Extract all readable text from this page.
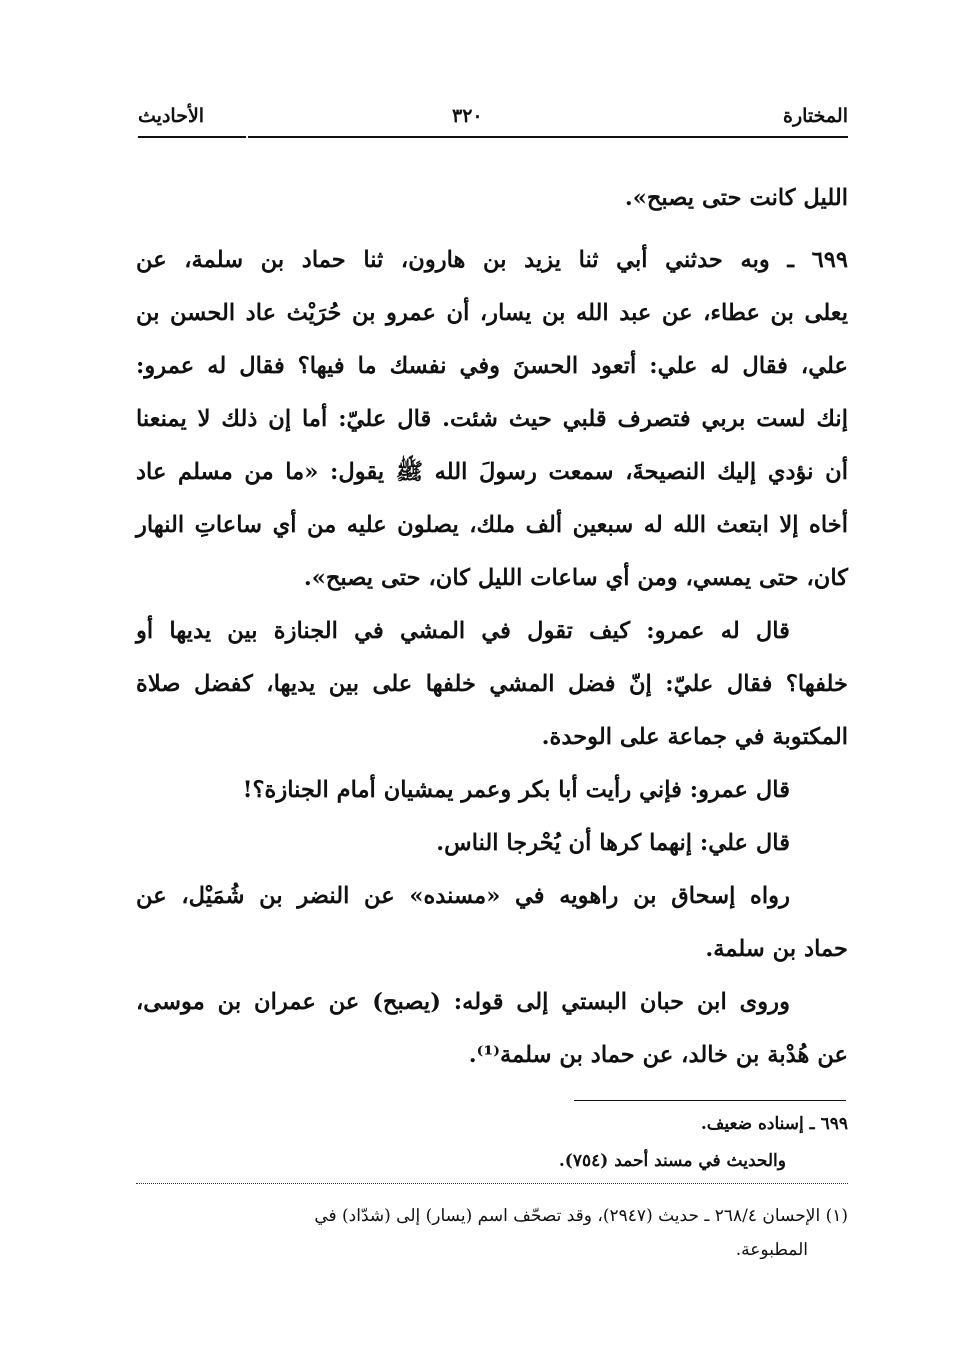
المختارة
٣٢٠
الأحاديث
الليل كانت حتى يصبح».
٦٩٩ ـ وبه حدثني أبي ثنا يزيد بن هارون، ثنا حماد بن سلمة، عن
يعلى بن عطاء، عن عبد الله بن يسار، أن عمرو بن حُرَيْث عاد الحسن بن
علي، فقال له علي: أتعود الحسنَ وفي نفسك ما فيها؟ فقال له عمرو:
إنك لست بربي فتصرف قلبي حيث شئت. قال عليّ: أما إن ذلك لا يمنعنا
أن نؤدي إليك النصيحةَ، سمعت رسولَ الله ﷺ يقول: «ما من مسلم عاد
أخاه إلا ابتعث الله له سبعين ألف ملك، يصلون عليه من أي ساعاتِ النهار
كان، حتى يمسي، ومن أي ساعات الليل كان، حتى يصبح».
قال له عمرو: كيف تقول في المشي في الجنازة بين يديها أو
خلفها؟ فقال عليّ: إنّ فضل المشي خلفها على بين يديها، كفضل صلاة
المكتوبة في جماعة على الوحدة.
قال عمرو: فإني رأيت أبا بكر وعمر يمشيان أمام الجنازة؟!
قال علي: إنهما كرها أن يُحْرجا الناس.
رواه إسحاق بن راهويه في «مسنده» عن النضر بن شُمَيْل، عن
حماد بن سلمة.
وروى ابن حبان البستي إلى قوله: (يصبح) عن عمران بن موسى،
عن هُدْبة بن خالد، عن حماد بن سلمة⁽¹⁾.
٦٩٩ ـ إسناده ضعيف.
والحديث في مسند أحمد (٧٥٤).
(١) الإحسان ٢٦٨/٤ ـ حديث (٢٩٤٧)، وقد تصحّف اسم (يسار) إلى (شدّاد) في
المطبوعة.
